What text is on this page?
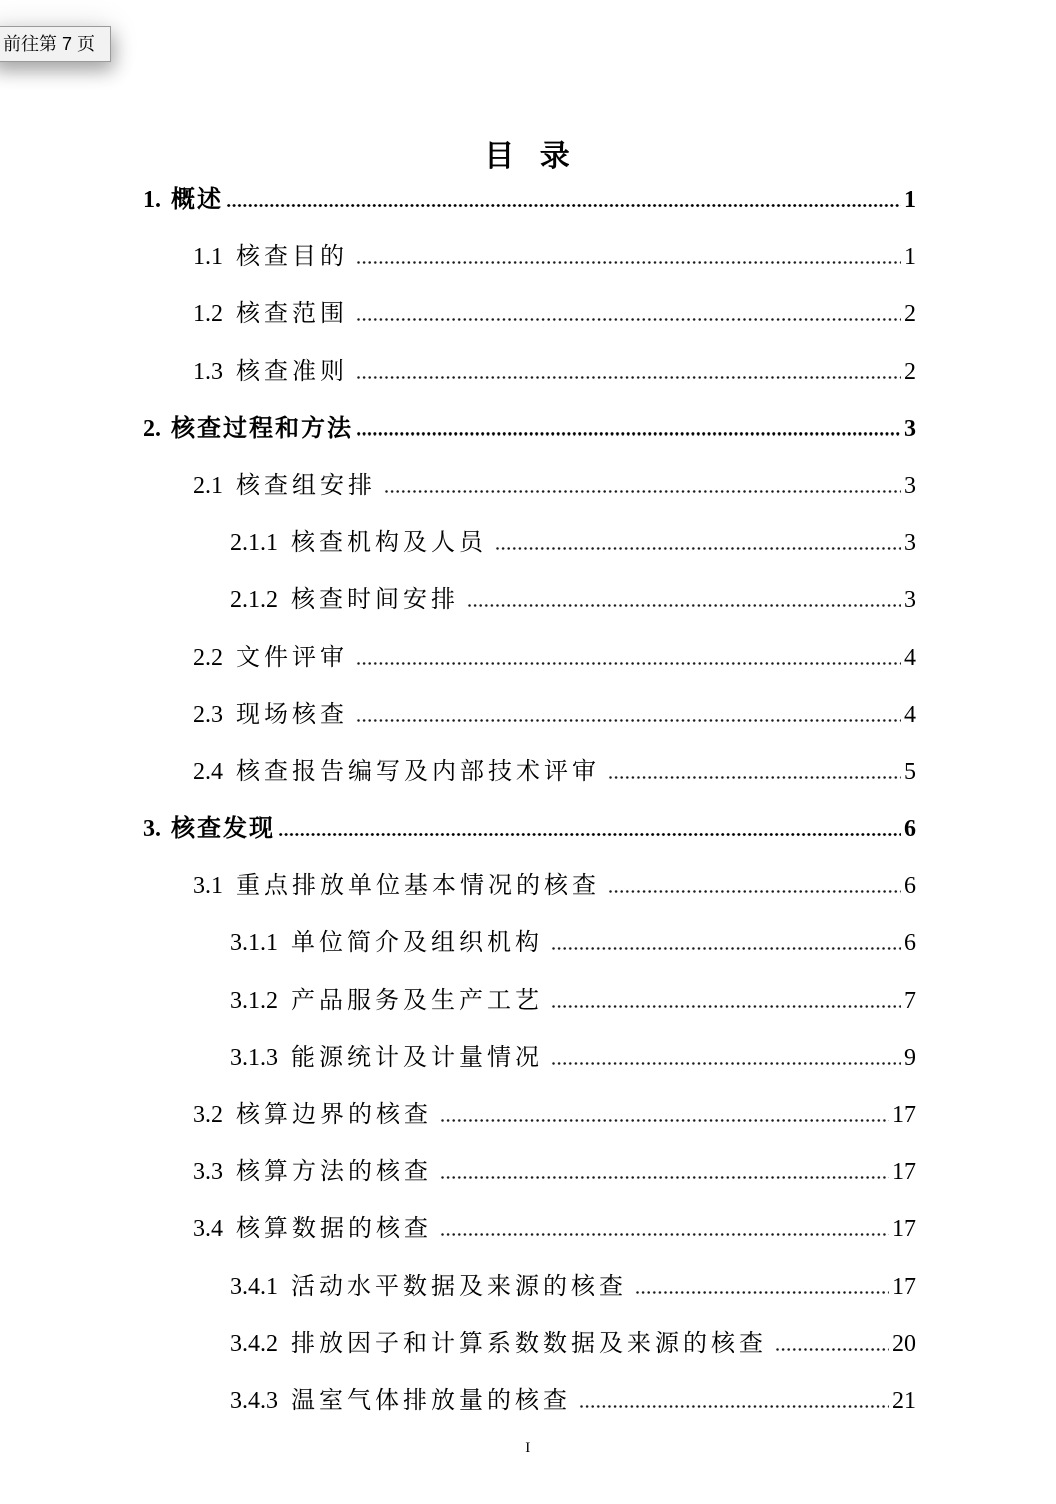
前往第 7 页
目 录
1. 概述	1
1.1 核查目的	1
1.2 核查范围	2
1.3 核查准则	2
2. 核查过程和方法	3
2.1 核查组安排	3
2.1.1 核查机构及人员	3
2.1.2 核查时间安排	3
2.2 文件评审	4
2.3 现场核查	4
2.4 核查报告编写及内部技术评审	5
3. 核查发现	6
3.1 重点排放单位基本情况的核查	6
3.1.1 单位简介及组织机构	6
3.1.2 产品服务及生产工艺	7
3.1.3 能源统计及计量情况	9
3.2 核算边界的核查	17
3.3 核算方法的核查	17
3.4 核算数据的核查	17
3.4.1 活动水平数据及来源的核查	17
3.4.2 排放因子和计算系数数据及来源的核查	20
3.4.3 温室气体排放量的核查	21
I
